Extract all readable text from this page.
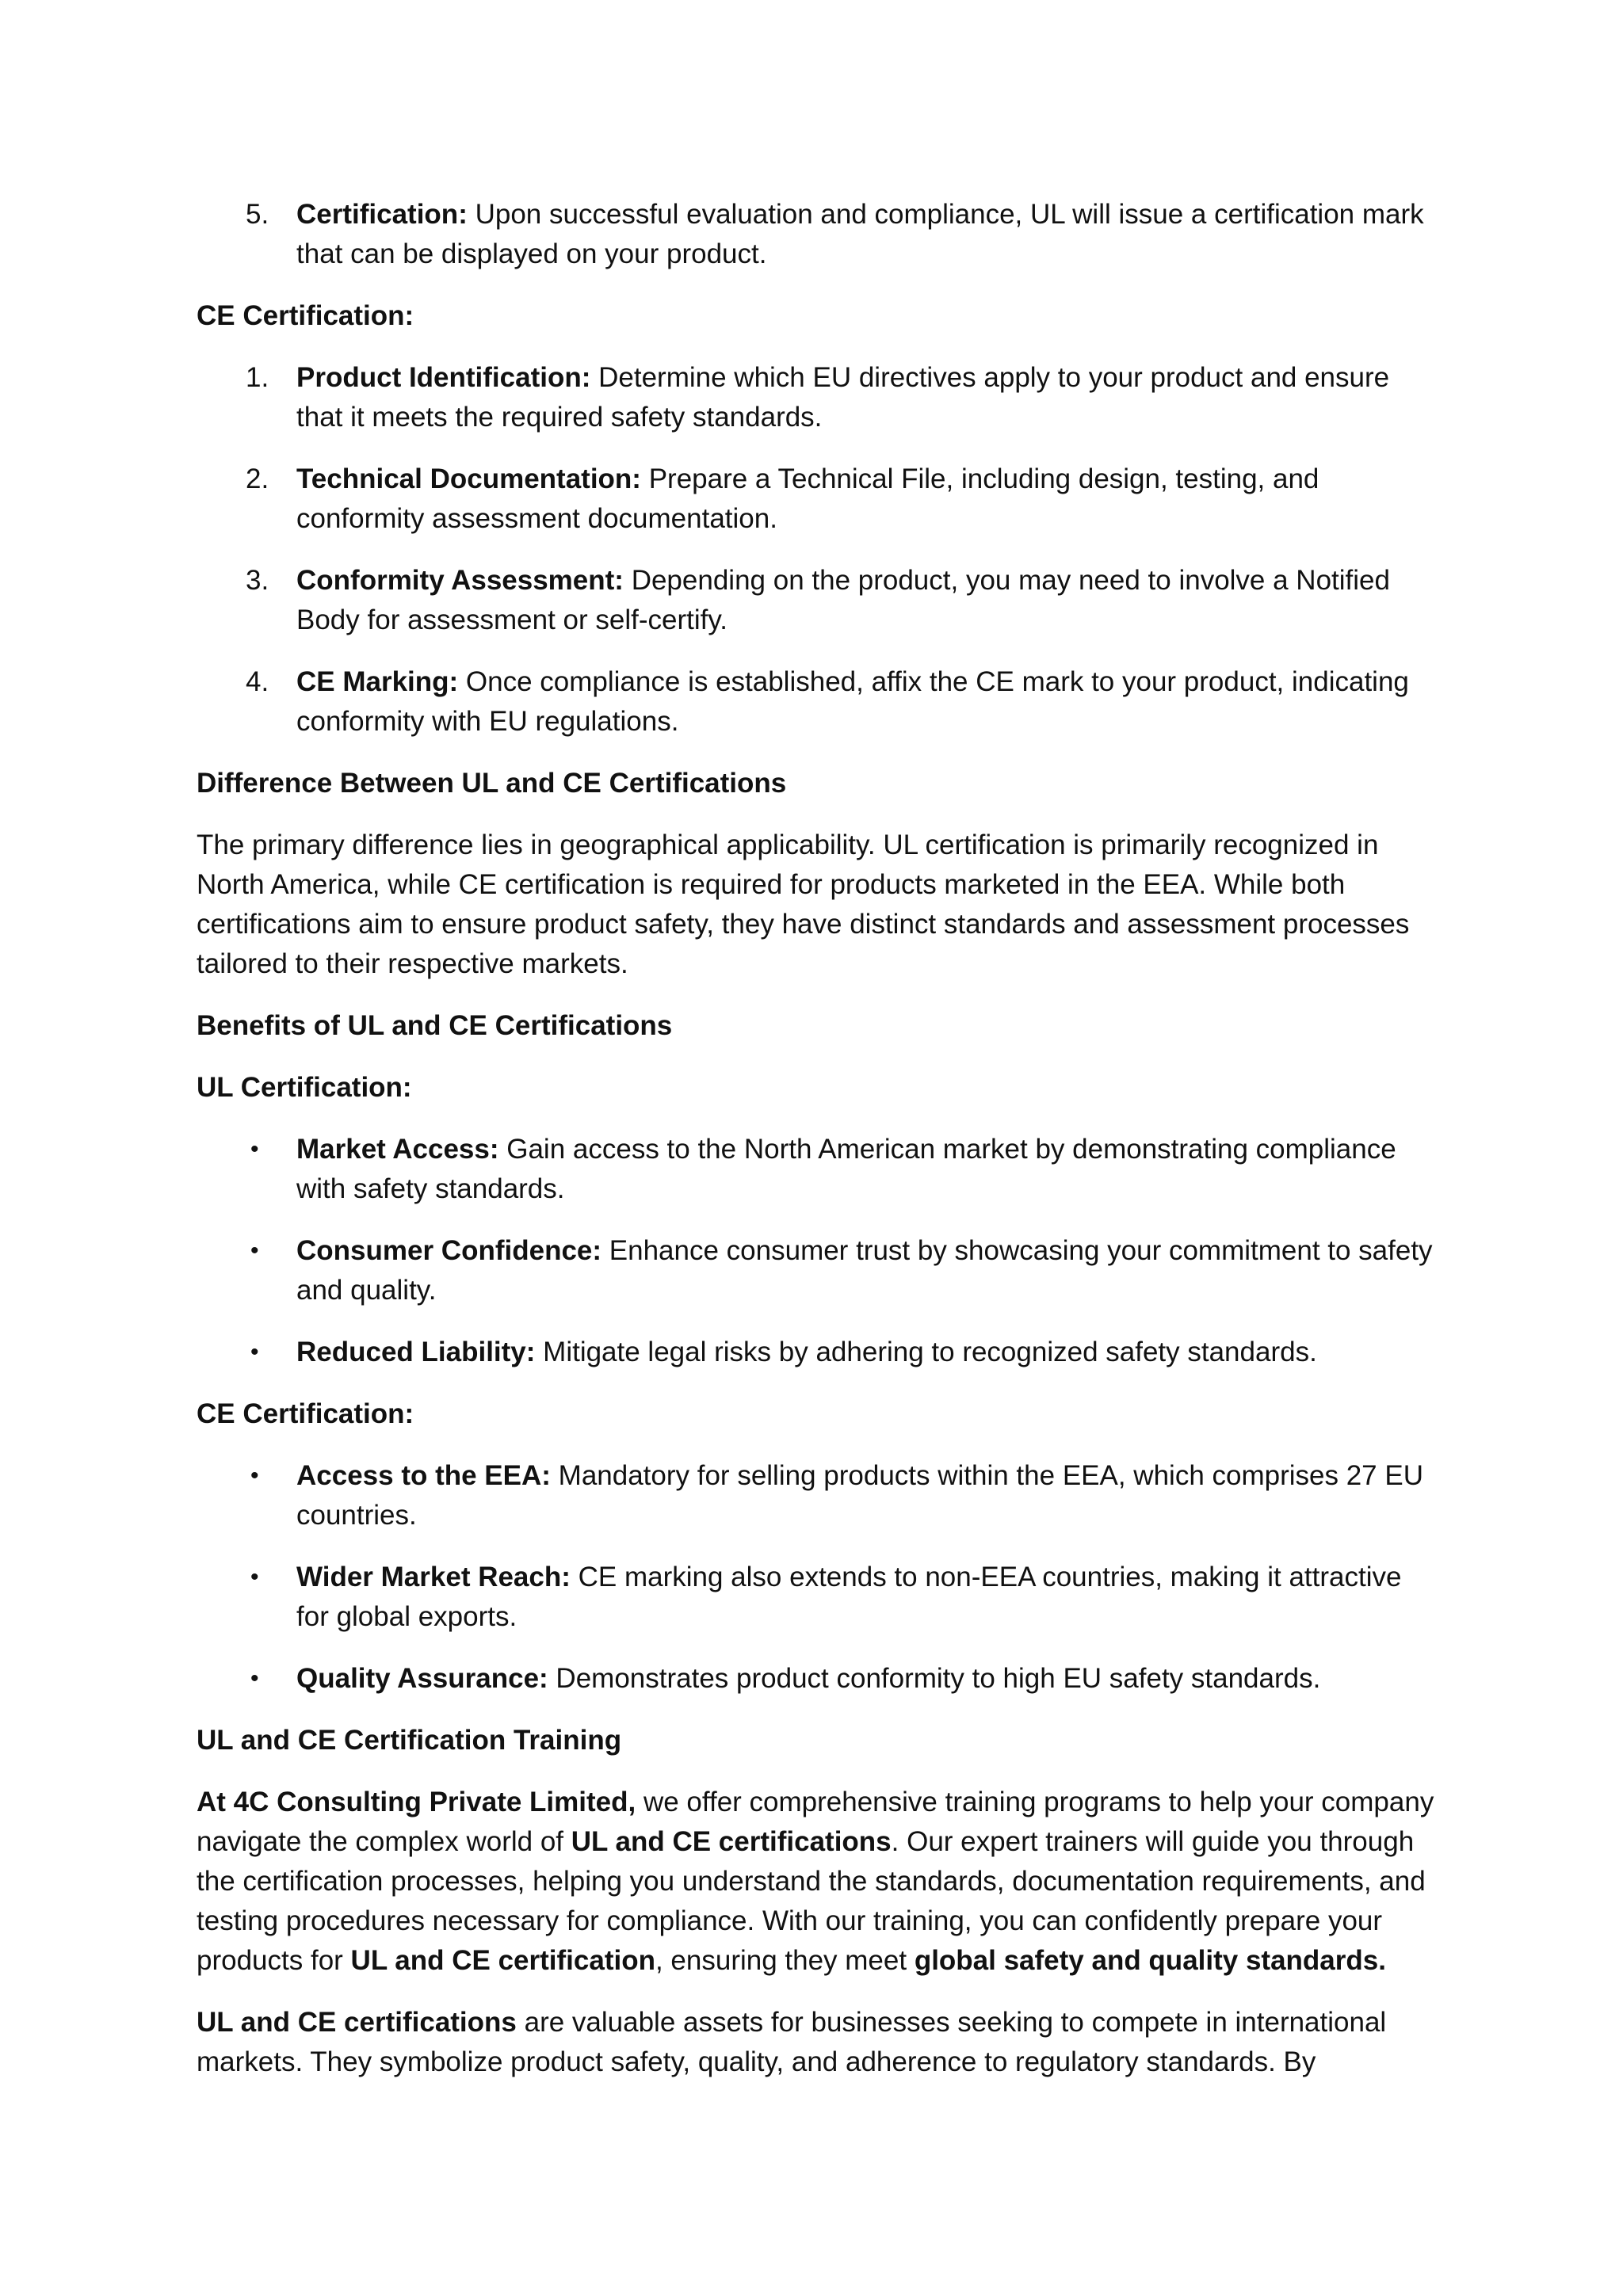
5. Certification: Upon successful evaluation and compliance, UL will issue a certification mark that can be displayed on your product.
CE Certification:
1. Product Identification: Determine which EU directives apply to your product and ensure that it meets the required safety standards.
2. Technical Documentation: Prepare a Technical File, including design, testing, and conformity assessment documentation.
3. Conformity Assessment: Depending on the product, you may need to involve a Notified Body for assessment or self-certify.
4. CE Marking: Once compliance is established, affix the CE mark to your product, indicating conformity with EU regulations.
Difference Between UL and CE Certifications

The primary difference lies in geographical applicability. UL certification is primarily recognized in North America, while CE certification is required for products marketed in the EEA. While both certifications aim to ensure product safety, they have distinct standards and assessment processes tailored to their respective markets.

Benefits of UL and CE Certifications
UL Certification:
• Market Access: Gain access to the North American market by demonstrating compliance with safety standards.
• Consumer Confidence: Enhance consumer trust by showcasing your commitment to safety and quality.
• Reduced Liability: Mitigate legal risks by adhering to recognized safety standards.
CE Certification:
• Access to the EEA: Mandatory for selling products within the EEA, which comprises 27 EU countries.
• Wider Market Reach: CE marking also extends to non-EEA countries, making it attractive for global exports.
• Quality Assurance: Demonstrates product conformity to high EU safety standards.
UL and CE Certification Training

At 4C Consulting Private Limited, we offer comprehensive training programs to help your company navigate the complex world of UL and CE certifications. Our expert trainers will guide you through the certification processes, helping you understand the standards, documentation requirements, and testing procedures necessary for compliance. With our training, you can confidently prepare your products for UL and CE certification, ensuring they meet global safety and quality standards.

UL and CE certifications are valuable assets for businesses seeking to compete in international markets. They symbolize product safety, quality, and adherence to regulatory standards. By
